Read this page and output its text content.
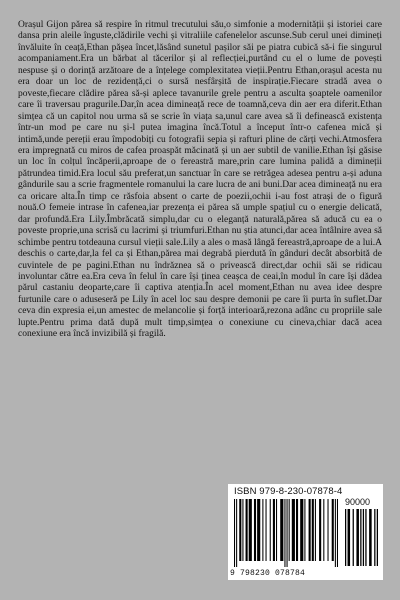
Orașul Gijon părea să respire în ritmul trecutului său,o simfonie a modernității și istoriei care dansa prin aleile înguste,clădirile vechi și vitraliile cafenelelor ascunse.Sub cerul unei dimineți învăluite în ceață,Ethan pășea încet,lăsând sunetul pașilor săi pe piatra cubică să-i fie singurul acompaniament.Era un bărbat al tăcerilor și al reflecției,purtând cu el o lume de povești nespuse și o dorință arzătoare de a înțelege complexitatea vieții.Pentru Ethan,orașul acesta nu era doar un loc de rezidență,ci o sursă nesfârșită de inspirație.Fiecare stradă avea o poveste,fiecare clădire părea să-și aplece tavanurile grele pentru a asculta șoaptele oamenilor care îi traversau pragurile.Dar,în acea dimineață rece de toamnă,ceva din aer era diferit.Ethan simțea că un capitol nou urma să se scrie în viața sa,unul care avea să îi definească existența într-un mod pe care nu și-l putea imagina încă.Totul a început într-o cafenea mică și intimă,unde pereții erau împodobiți cu fotografii sepia și rafturi pline de cărți vechi.Atmosfera era impregnată cu miros de cafea proaspăt măcinată și un aer subtil de vanilie.Ethan își găsise un loc în colțul încăperii,aproape de o fereastră mare,prin care lumina palidă a dimineții pătrundea timid.Era locul său preferat,un sanctuar în care se retrăgea adesea pentru a-și aduna gândurile sau a scrie fragmentele romanului la care lucra de ani buni.Dar acea dimineață nu era ca oricare alta.În timp ce răsfoia absent o carte de poezii,ochii i-au fost atrași de o figură nouă.O femeie intrase în cafenea,iar prezența ei părea să umple spațiul cu o energie delicată, dar profundă.Era Lily.Îmbrăcată simplu,dar cu o eleganță naturală,părea să aducă cu ea o poveste proprie,una scrisă cu lacrimi și triumfuri.Ethan nu știa atunci,dar acea întâlnire avea să schimbe pentru totdeauna cursul vieții sale.Lily a ales o masă lângă fereastră,aproape de a lui.A deschis o carte,dar,la fel ca și Ethan,părea mai degrabă pierdută în gânduri decât absorbită de cuvintele de pe pagini.Ethan nu îndrăznea să o privească direct,dar ochii săi se ridicau involuntar către ea.Era ceva în felul în care își ținea ceașca de ceai,în modul în care își dădea părul castaniu deoparte,care îi captiva atenția.În acel moment,Ethan nu avea idee despre furtunile care o aduseseră pe Lily în acel loc sau despre demonii pe care îi purta în suflet.Dar ceva din expresia ei,un amestec de melancolie și forță interioară,rezona adânc cu propriile sale lupte.Pentru prima dată după mult timp,simțea o conexiune cu cineva,chiar dacă acea conexiune era încă invizibilă și fragilă.
ISBN 979-8-230-07878-4
90000
9 798230 078784
